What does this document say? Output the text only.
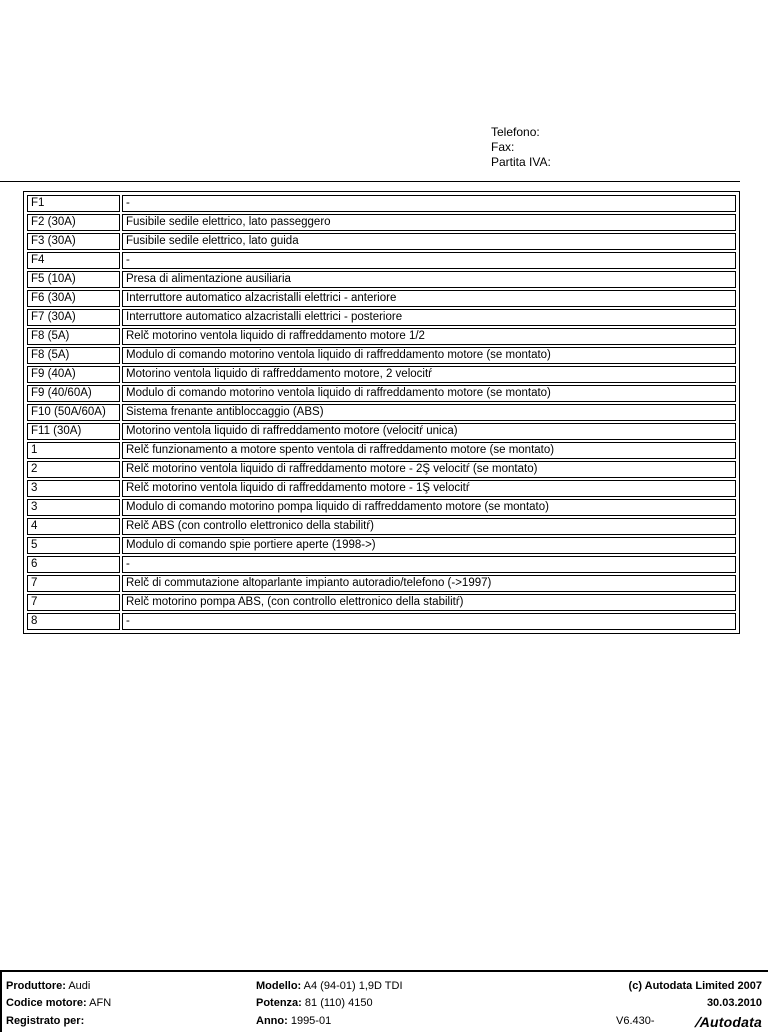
Telefono:
Fax:
Partita IVA:
F1	-
F2 (30A)	Fusibile sedile elettrico, lato passeggero
F3 (30A)	Fusibile sedile elettrico, lato guida
F4	-
F5 (10A)	Presa di alimentazione ausiliaria
F6 (30A)	Interruttore automatico alzacristalli elettrici - anteriore
F7 (30A)	Interruttore automatico alzacristalli elettrici - posteriore
F8 (5A)	Relč motorino ventola liquido di raffreddamento motore 1/2
F8 (5A)	Modulo di comando motorino ventola liquido di raffreddamento motore (se montato)
F9 (40A)	Motorino ventola liquido di raffreddamento motore, 2 velocitŕ
F9 (40/60A)	Modulo di comando motorino ventola liquido di raffreddamento motore (se montato)
F10 (50A/60A)	Sistema frenante antibloccaggio (ABS)
F11 (30A)	Motorino ventola liquido di raffreddamento motore (velocitŕ unica)
1	Relč funzionamento a motore spento ventola di raffreddamento motore (se montato)
2	Relč motorino ventola liquido di raffreddamento motore - 2Ş velocitŕ (se montato)
3	Relč motorino ventola liquido di raffreddamento motore - 1Ş velocitŕ
3	Modulo di comando motorino pompa liquido di raffreddamento motore (se montato)
4	Relč ABS (con controllo elettronico della stabilitŕ)
5	Modulo di comando spie portiere aperte (1998->)
6	-
7	Relč di commutazione altoparlante impianto autoradio/telefono (->1997)
7	Relč motorino pompa ABS, (con controllo elettronico della stabilitŕ)
8	-
Produttore: Audi
Codice motore: AFN
Registrato per:
Modello: A4 (94-01) 1,9D TDI
Potenza: 81 (110) 4150
Anno: 1995-01
(c) Autodata Limited 2007
30.03.2010
V6.430-	/Autodata
